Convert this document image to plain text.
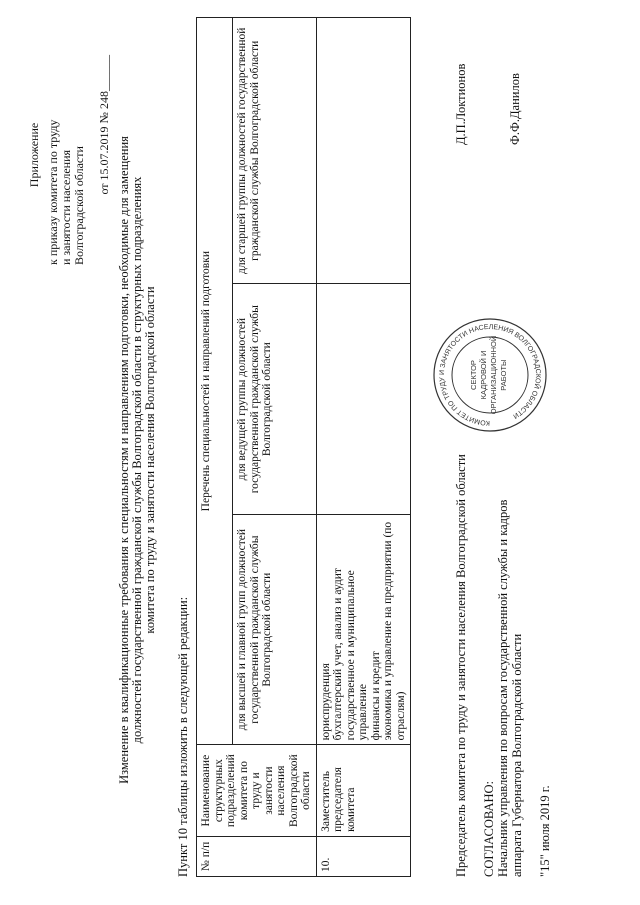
Приложение к приказу комитета по труду и занятости населения Волгоградской области
от 15.07.2019 № 248______
Изменение в квалификационные требования к специальностям и направлениям подготовки, необходимые для замещения должностей государственной гражданской службы Волгоградской области в структурных подразделениях комитета по труду и занятости населения Волгоградской области
Пункт 10 таблицы изложить в следующей редакции: № п/п	Наименование структурных подразделений комитета по труду и занятости населения Волгоградской области	Перечень специальностей и направлений подготовки		
		для высшей и главной групп должностей государственной гражданской службы Волгоградской области	для ведущей группы должностей государственной гражданской службы Волгоградской области	для старшей группы должностей государственной гражданской службы Волгоградской области
10.	Заместитель председателя комитета	юриспруденция бухгалтерский учет, анализ и аудит государственное и муниципальное управление финансы и кредит экономика и управление на предприятии (по отраслям)		
			Председатель комитета по труду и занятости населения Волгоградской области
Д.П.Локтионов
СОГЛАСОВАНО: Начальник управления по вопросам государственной службы и кадров аппарата Губернатора Волгоградской области
Ф.Ф.Данилов
"15" июля 2019 г.
КОМИТЕТ ПО ТРУДУ И ЗАНЯТОСТИ НАСЕЛЕНИЯ ВОЛГОГРАДСКОЙ ОБЛАСТИ
СЕКТОР КАДРОВОЙ И ОРГАНИЗАЦИОННОЙ РАБОТЫ
